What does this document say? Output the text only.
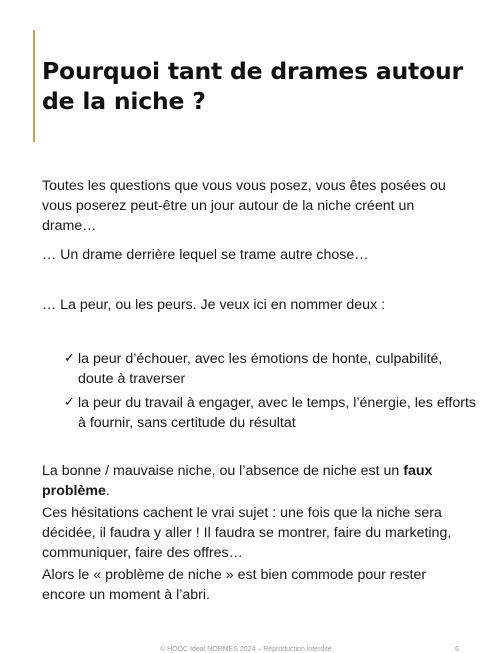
Pourquoi tant de drames autour de la niche ?

Toutes les questions que vous vous posez, vous êtes posées ou vous poserez peut-être un jour autour de la niche créent un drame…

… Un drame derrière lequel se trame autre chose…

… La peur, ou les peurs. Je veux ici en nommer deux :

✓ la peur d’échouer, avec les émotions de honte, culpabilité, doute à traverser
✓ la peur du travail à engager, avec le temps, l’énergie, les efforts à fournir, sans certitude du résultat

La bonne / mauvaise niche, ou l’absence de niche est un faux problème.

Ces hésitations cachent le vrai sujet : une fois que la niche sera décidée, il faudra y aller ! Il faudra se montrer, faire du marketing, communiquer, faire des offres…

Alors le « problème de niche » est bien commode pour rester encore un moment à l’abri.

© HOOC Ideal NORMES 2024 – Reproduction interdite	6
